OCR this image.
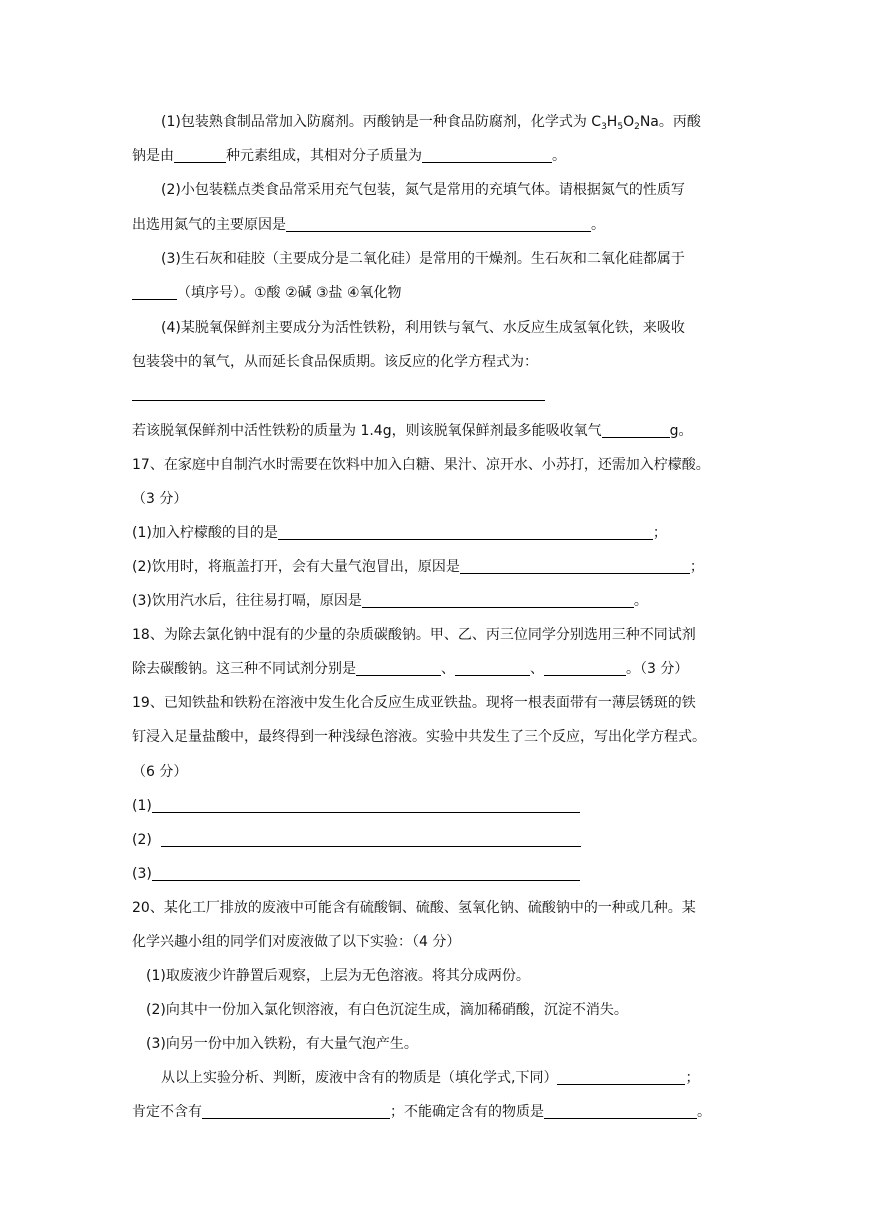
(1)包装熟食制品常加入防腐剂。丙酸钠是一种食品防腐剂，化学式为 $C_3H_5O_2Na$。丙酸
钠是由	种元素组成，其相对分子质量为	。
(2)小包装糕点类食品常采用充气包装，氮气是常用的充填气体。请根据氮气的性质写
出选用氮气的主要原因是	。
(3)生石灰和硅胶（主要成分是二氧化硅）是常用的干燥剂。生石灰和二氧化硅都属于
（填序号）。①酸 ②碱 ③盐 ④氧化物
(4)某脱氧保鲜剂主要成分为活性铁粉，利用铁与氧气、水反应生成氢氧化铁，来吸收
包装袋中的氧气，从而延长食品保质期。该反应的化学方程式为：
若该脱氧保鲜剂中活性铁粉的质量为 1.4g，则该脱氧保鲜剂最多能吸收氧气	g。
17、在家庭中自制汽水时需要在饮料中加入白糖、果汁、凉开水、小苏打，还需加入柠檬酸。
（3 分）
(1)加入柠檬酸的目的是	；
(2)饮用时，将瓶盖打开，会有大量气泡冒出，原因是	；
(3)饮用汽水后，往往易打嗝，原因是	。
18、为除去氯化钠中混有的少量的杂质碳酸钠。甲、乙、丙三位同学分别选用三种不同试剂
除去碳酸钠。这三种不同试剂分别是	、	、	。（3 分）
19、已知铁盐和铁粉在溶液中发生化合反应生成亚铁盐。现将一根表面带有一薄层锈斑的铁
钉浸入足量盐酸中，最终得到一种浅绿色溶液。实验中共发生了三个反应，写出化学方程式。
（6 分）
(1)
(2)
(3)
20、某化工厂排放的废液中可能含有硫酸铜、硫酸、氢氧化钠、硫酸钠中的一种或几种。某
化学兴趣小组的同学们对废液做了以下实验：（4 分）
(1)取废液少许静置后观察，上层为无色溶液。将其分成两份。
(2)向其中一份加入氯化钡溶液，有白色沉淀生成，滴加稀硝酸，沉淀不消失。
(3)向另一份中加入铁粉，有大量气泡产生。
从以上实验分析、判断，废液中含有的物质是（填化学式,下同）	；
肯定不含有	；不能确定含有的物质是	。
